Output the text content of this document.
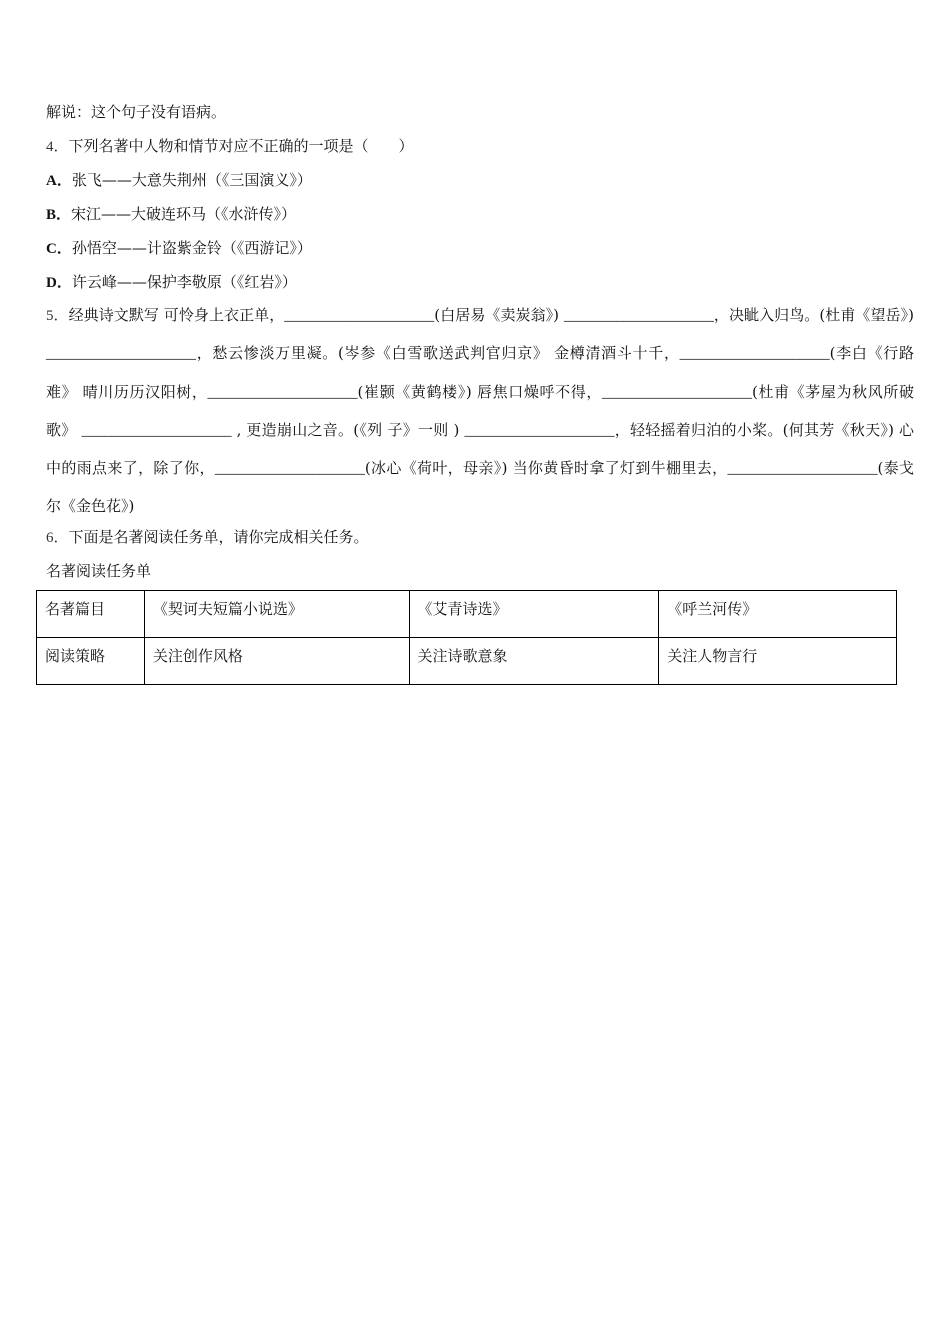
解说：这个句子没有语病。
4．下列名著中人物和情节对应不正确的一项是（　　）
A．张飞——大意失荆州（《三国演义》）
B．宋江——大破连环马（《水浒传》）
C．孙悟空——计盗紫金铃（《西游记》）
D．许云峰——保护李敬原（《红岩》）
5．经典诗文默写 可怜身上衣正单，____________________(白居易《卖炭翁》) ____________________，决眦入归鸟。(杜甫《望岳》) ____________________，愁云惨淡万里凝。(岑参《白雪歌送武判官归京》 金樽清酒斗十千，____________________(李白《行路难》 晴川历历汉阳树，____________________(崔颢《黄鹤楼》) 唇焦口燥呼不得，____________________(杜甫《茅屋为秋风所破歌》 ____________________ , 更造崩山之音。(《列 子》一则 ) ____________________，轻轻摇着归泊的小桨。(何其芳《秋天》) 心中的雨点来了，除了你，____________________(冰心《荷叶，母亲》) 当你黄昏时拿了灯到牛棚里去，____________________(泰戈尔《金色花》)
6．下面是名著阅读任务单，请你完成相关任务。
名著阅读任务单
名著篇目	《契诃夫短篇小说选》	《艾青诗选》	《呼兰河传》
阅读策略	关注创作风格	关注诗歌意象	关注人物言行
